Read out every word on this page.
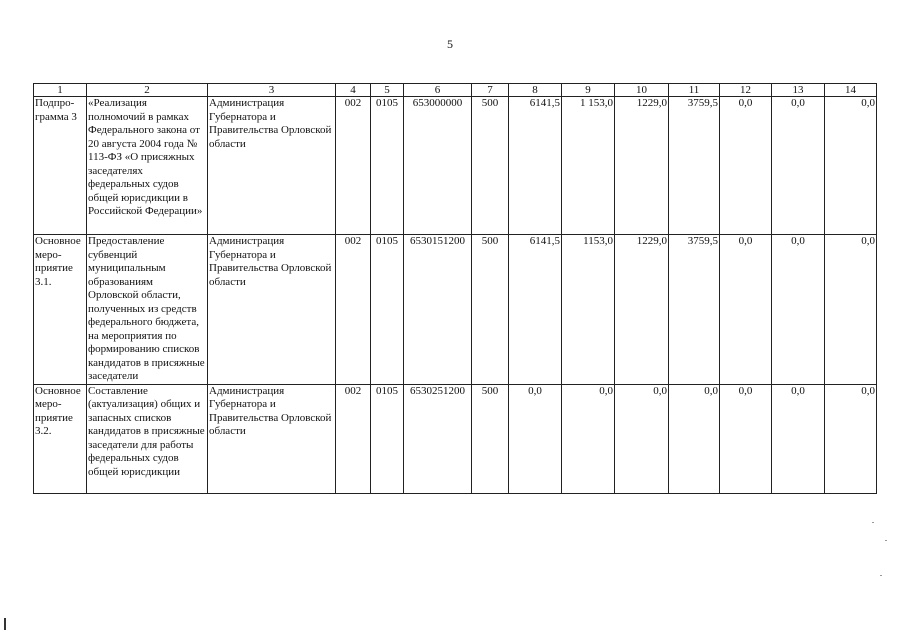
5
1	2	3	4	5	6	7	8	9	10	11	12	13	14
Подпро-грамма 3	«Реализация полномочий в рамках Федерального закона от 20 августа 2004 года № 113-ФЗ «О присяжных заседателях федеральных судов общей юрисдикции в Российской Федерации»	Администрация Губернатора и Правительства Орловской области	002	0105	653000000	500	6141,5	1 153,0	1229,0	3759,5	0,0	0,0	0,0
Основное меро-приятие 3.1.	Предоставление субвенций муниципальным образованиям Орловской области, полученных из средств федерального бюджета, на мероприятия по формированию списков кандидатов в присяжные заседатели	Администрация Губернатора и Правительства Орловской области	002	0105	6530151200	500	6141,5	1153,0	1229,0	3759,5	0,0	0,0	0,0
Основное меро-приятие 3.2.	Составление (актуализация) общих и запасных списков кандидатов в присяжные заседатели для работы федеральных судов общей юрисдикции	Администрация Губернатора и Правительства Орловской области	002	0105	6530251200	500	0,0	0,0	0,0	0,0	0,0	0,0	0,0
